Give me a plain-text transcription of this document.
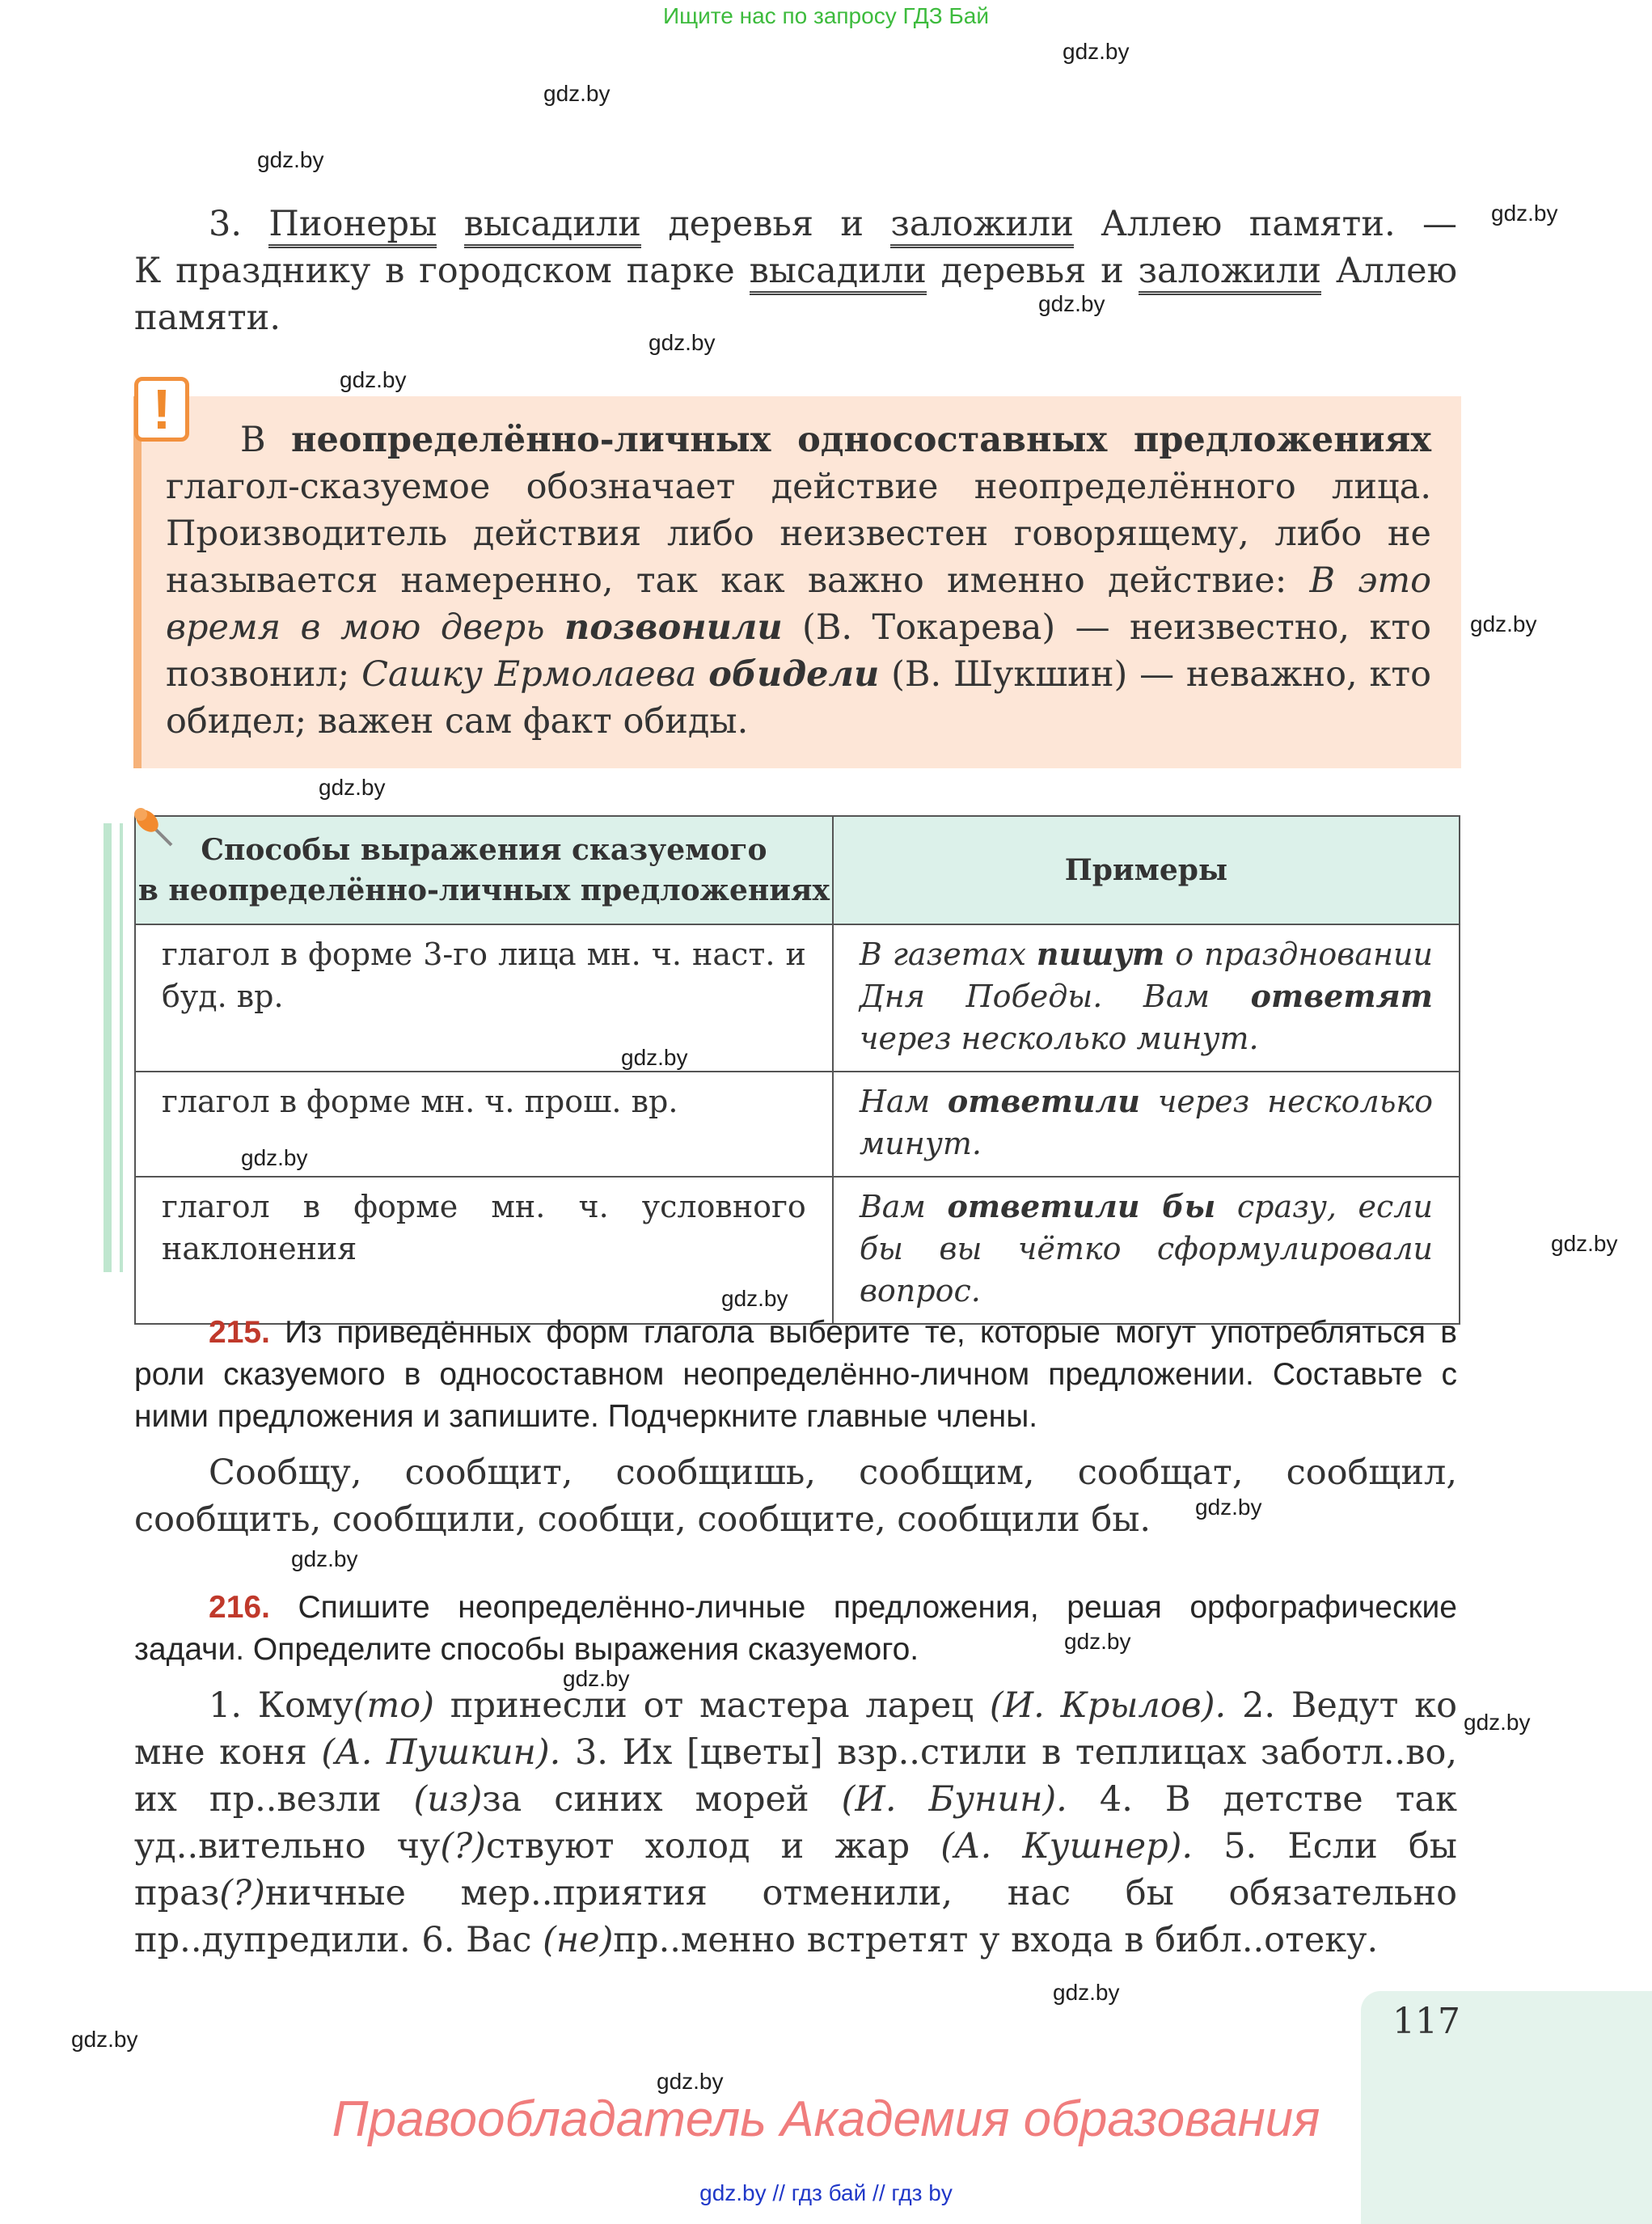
Ищите нас по запросу ГДЗ Бай
gdz.by
gdz.by
gdz.by
gdz.by
gdz.by
gdz.by
gdz.by
gdz.by
gdz.by
gdz.by
gdz.by
gdz.by
gdz.by
gdz.by
gdz.by
gdz.by
gdz.by
gdz.by
gdz.by
gdz.by
gdz.by
3. Пионеры высадили деревья и заложили Аллею памяти. —
К празднику в городском парке высадили деревья и заложили Аллею
памяти.
!	В неопределённо-личных односоставных предложениях глагол-сказуемое обозначает действие неопределённого лица. Производитель действия либо неизвестен говорящему, либо не называется намеренно, так как важно именно действие: В это время в мою дверь позвонили (В. Токарева) — неизвестно, кто позвонил; Сашку Ермолаева обидели (В. Шукшин) — неважно, кто обидел; важен сам факт обиды.
Способы выражения сказуемого
в неопределённо-личных предложениях	Примеры
глагол в форме 3-го лица мн. ч. наст. и буд. вр.	В газетах пишут о праздновании Дня Победы. Вам ответят через несколько минут.
глагол в форме мн. ч. прош. вр.	Нам ответили через несколько минут.
глагол в форме мн. ч. условного наклонения	Вам ответили бы сразу, если бы вы чётко сформулировали вопрос.
215. Из приведённых форм глагола выберите те, которые могут употребляться в роли сказуемого в односоставном неопределённо-личном предложении. Составьте с ними предложения и запишите. Подчеркните главные члены.
Сообщу, сообщит, сообщишь, сообщим, сообщат, сообщил, сообщить, сообщили, сообщи, сообщите, сообщили бы.
216. Спишите неопределённо-личные предложения, решая орфографические задачи. Определите способы выражения сказуемого.
1. Кому(то) принесли от мастера ларец (И. Крылов). 2. Ведут ко мне коня (А. Пушкин). 3. Их [цветы] взр..стили в теплицах заботл..во, их пр..везли (из)за синих морей (И. Бунин). 4. В детстве так уд..вительно чу(?)ствуют холод и жар (А. Кушнер). 5. Если бы праз(?)ничные мер..приятия отменили, нас бы обязательно пр..дупредили. 6. Вас (не)пр..менно встретят у входа в библ..отеку.
117
Правообладатель Академия образования
gdz.by // гдз бай // гдз by
